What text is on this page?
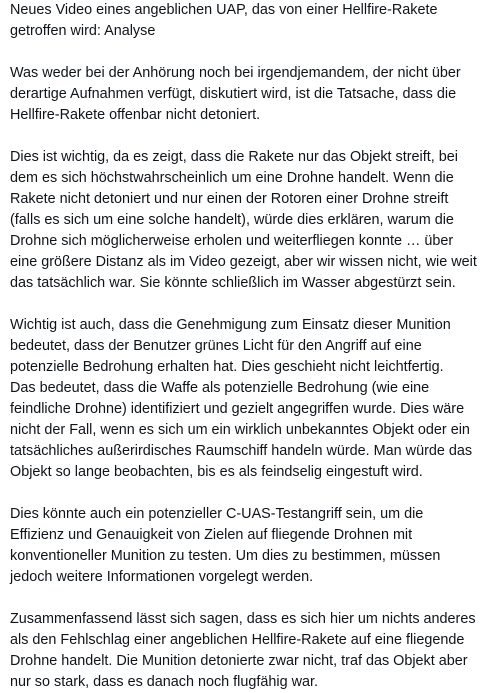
Neues Video eines angeblichen UAP, das von einer Hellfire-Rakete
getroffen wird: Analyse

Was weder bei der Anhörung noch bei irgendjemandem, der nicht über
derartige Aufnahmen verfügt, diskutiert wird, ist die Tatsache, dass die
Hellfire-Rakete offenbar nicht detoniert.

Dies ist wichtig, da es zeigt, dass die Rakete nur das Objekt streift, bei
dem es sich höchstwahrscheinlich um eine Drohne handelt. Wenn die
Rakete nicht detoniert und nur einen der Rotoren einer Drohne streift
(falls es sich um eine solche handelt), würde dies erklären, warum die
Drohne sich möglicherweise erholen und weiterfliegen konnte … über
eine größere Distanz als im Video gezeigt, aber wir wissen nicht, wie weit
das tatsächlich war. Sie könnte schließlich im Wasser abgestürzt sein.

Wichtig ist auch, dass die Genehmigung zum Einsatz dieser Munition
bedeutet, dass der Benutzer grünes Licht für den Angriff auf eine
potenzielle Bedrohung erhalten hat. Dies geschieht nicht leichtfertig.
Das bedeutet, dass die Waffe als potenzielle Bedrohung (wie eine
feindliche Drohne) identifiziert und gezielt angegriffen wurde. Dies wäre
nicht der Fall, wenn es sich um ein wirklich unbekanntes Objekt oder ein
tatsächliches außerirdisches Raumschiff handeln würde. Man würde das
Objekt so lange beobachten, bis es als feindselig eingestuft wird.

Dies könnte auch ein potenzieller C-UAS-Testangriff sein, um die
Effizienz und Genauigkeit von Zielen auf fliegende Drohnen mit
konventioneller Munition zu testen. Um dies zu bestimmen, müssen
jedoch weitere Informationen vorgelegt werden.

Zusammenfassend lässt sich sagen, dass es sich hier um nichts anderes
als den Fehlschlag einer angeblichen Hellfire-Rakete auf eine fliegende
Drohne handelt. Die Munition detonierte zwar nicht, traf das Objekt aber
nur so stark, dass es danach noch flugfähig war.
